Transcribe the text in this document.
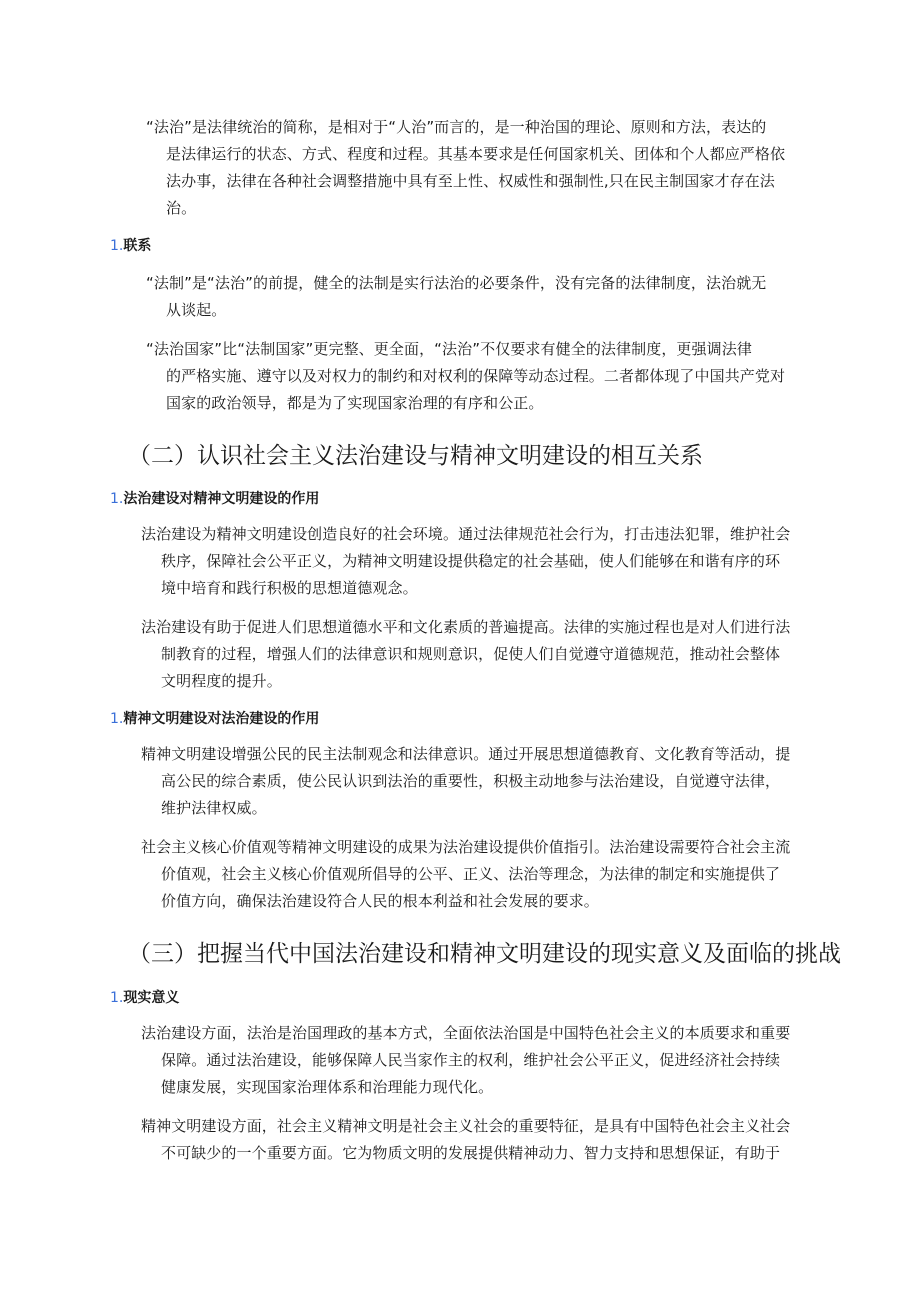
“法治”是法律统治的简称，是相对于“人治”而言的，是一种治国的理论、原则和方法，表达的
是法律运行的状态、方式、程度和过程。其基本要求是任何国家机关、团体和个人都应严格依
法办事，法律在各种社会调整措施中具有至上性、权威性和强制性,只在民主制国家才存在法
治。
1.联系
“法制”是“法治”的前提，健全的法制是实行法治的必要条件，没有完备的法律制度，法治就无
从谈起。
“法治国家”比“法制国家”更完整、更全面，“法治”不仅要求有健全的法律制度，更强调法律
的严格实施、遵守以及对权力的制约和对权利的保障等动态过程。二者都体现了中国共产党对
国家的政治领导，都是为了实现国家治理的有序和公正。
（二）认识社会主义法治建设与精神文明建设的相互关系
1.法治建设对精神文明建设的作用
法治建设为精神文明建设创造良好的社会环境。通过法律规范社会行为，打击违法犯罪，维护社会
秩序，保障社会公平正义，为精神文明建设提供稳定的社会基础，使人们能够在和谐有序的环
境中培育和践行积极的思想道德观念。
法治建设有助于促进人们思想道德水平和文化素质的普遍提高。法律的实施过程也是对人们进行法
制教育的过程，增强人们的法律意识和规则意识，促使人们自觉遵守道德规范，推动社会整体
文明程度的提升。
1.精神文明建设对法治建设的作用
精神文明建设增强公民的民主法制观念和法律意识。通过开展思想道德教育、文化教育等活动，提
高公民的综合素质，使公民认识到法治的重要性，积极主动地参与法治建设，自觉遵守法律，
维护法律权威。
社会主义核心价值观等精神文明建设的成果为法治建设提供价值指引。法治建设需要符合社会主流
价值观，社会主义核心价值观所倡导的公平、正义、法治等理念，为法律的制定和实施提供了
价值方向，确保法治建设符合人民的根本利益和社会发展的要求。
（三）把握当代中国法治建设和精神文明建设的现实意义及面临的挑战
1.现实意义
法治建设方面，法治是治国理政的基本方式，全面依法治国是中国特色社会主义的本质要求和重要
保障。通过法治建设，能够保障人民当家作主的权利，维护社会公平正义，促进经济社会持续
健康发展，实现国家治理体系和治理能力现代化。
精神文明建设方面，社会主义精神文明是社会主义社会的重要特征，是具有中国特色社会主义社会
不可缺少的一个重要方面。它为物质文明的发展提供精神动力、智力支持和思想保证，有助于
